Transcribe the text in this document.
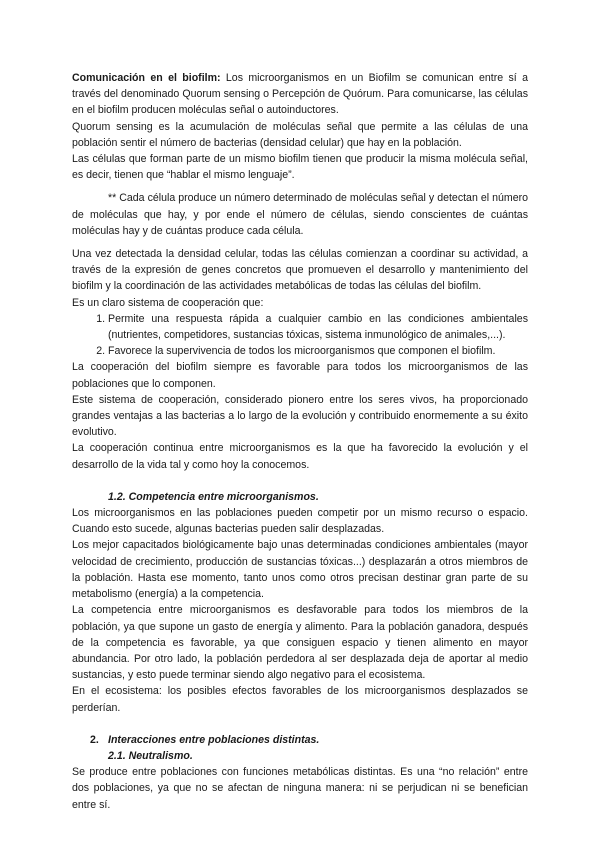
Comunicación en el biofilm: Los microorganismos en un Biofilm se comunican entre sí a través del denominado Quorum sensing o Percepción de Quórum. Para comunicarse, las células en el biofilm producen moléculas señal o autoinductores.

Quorum sensing es la acumulación de moléculas señal que permite a las células de una población sentir el número de bacterias (densidad celular) que hay en la población.

Las células que forman parte de un mismo biofilm tienen que producir la misma molécula señal, es decir, tienen que “hablar el mismo lenguaje”.

** Cada célula produce un número determinado de moléculas señal y detectan el número de moléculas que hay, y por ende el número de células, siendo conscientes de cuántas moléculas hay y de cuántas produce cada célula.

Una vez detectada la densidad celular, todas las células comienzan a coordinar su actividad, a través de la expresión de genes concretos que promueven el desarrollo y mantenimiento del biofilm y la coordinación de las actividades metabólicas de todas las células del biofilm.

Es un claro sistema de cooperación que:

1. Permite una respuesta rápida a cualquier cambio en las condiciones ambientales (nutrientes, competidores, sustancias tóxicas, sistema inmunológico de animales,...).
2. Favorece la supervivencia de todos los microorganismos que componen el biofilm.

La cooperación del biofilm siempre es favorable para todos los microorganismos de las poblaciones que lo componen.

Este sistema de cooperación, considerado pionero entre los seres vivos, ha proporcionado grandes ventajas a las bacterias a lo largo de la evolución y contribuido enormemente a su éxito evolutivo.

La cooperación continua entre microorganismos es la que ha favorecido la evolución y el desarrollo de la vida tal y como hoy la conocemos.

1.2. Competencia entre microorganismos.

Los microorganismos en las poblaciones pueden competir por un mismo recurso o espacio. Cuando esto sucede, algunas bacterias pueden salir desplazadas.

Los mejor capacitados biológicamente bajo unas determinadas condiciones ambientales (mayor velocidad de crecimiento, producción de sustancias tóxicas...) desplazarán a otros miembros de la población. Hasta ese momento, tanto unos como otros precisan destinar gran parte de su metabolismo (energía) a la competencia.

La competencia entre microorganismos es desfavorable para todos los miembros de la población, ya que supone un gasto de energía y alimento. Para la población ganadora, después de la competencia es favorable, ya que consiguen espacio y tienen alimento en mayor abundancia. Por otro lado, la población perdedora al ser desplazada deja de aportar al medio sustancias, y esto puede terminar siendo algo negativo para el ecosistema.

En el ecosistema: los posibles efectos favorables de los microorganismos desplazados se perderían.

2. Interacciones entre poblaciones distintas.

2.1. Neutralismo.

Se produce entre poblaciones con funciones metabólicas distintas. Es una “no relación” entre dos poblaciones, ya que no se afectan de ninguna manera: ni se perjudican ni se benefician entre sí.
